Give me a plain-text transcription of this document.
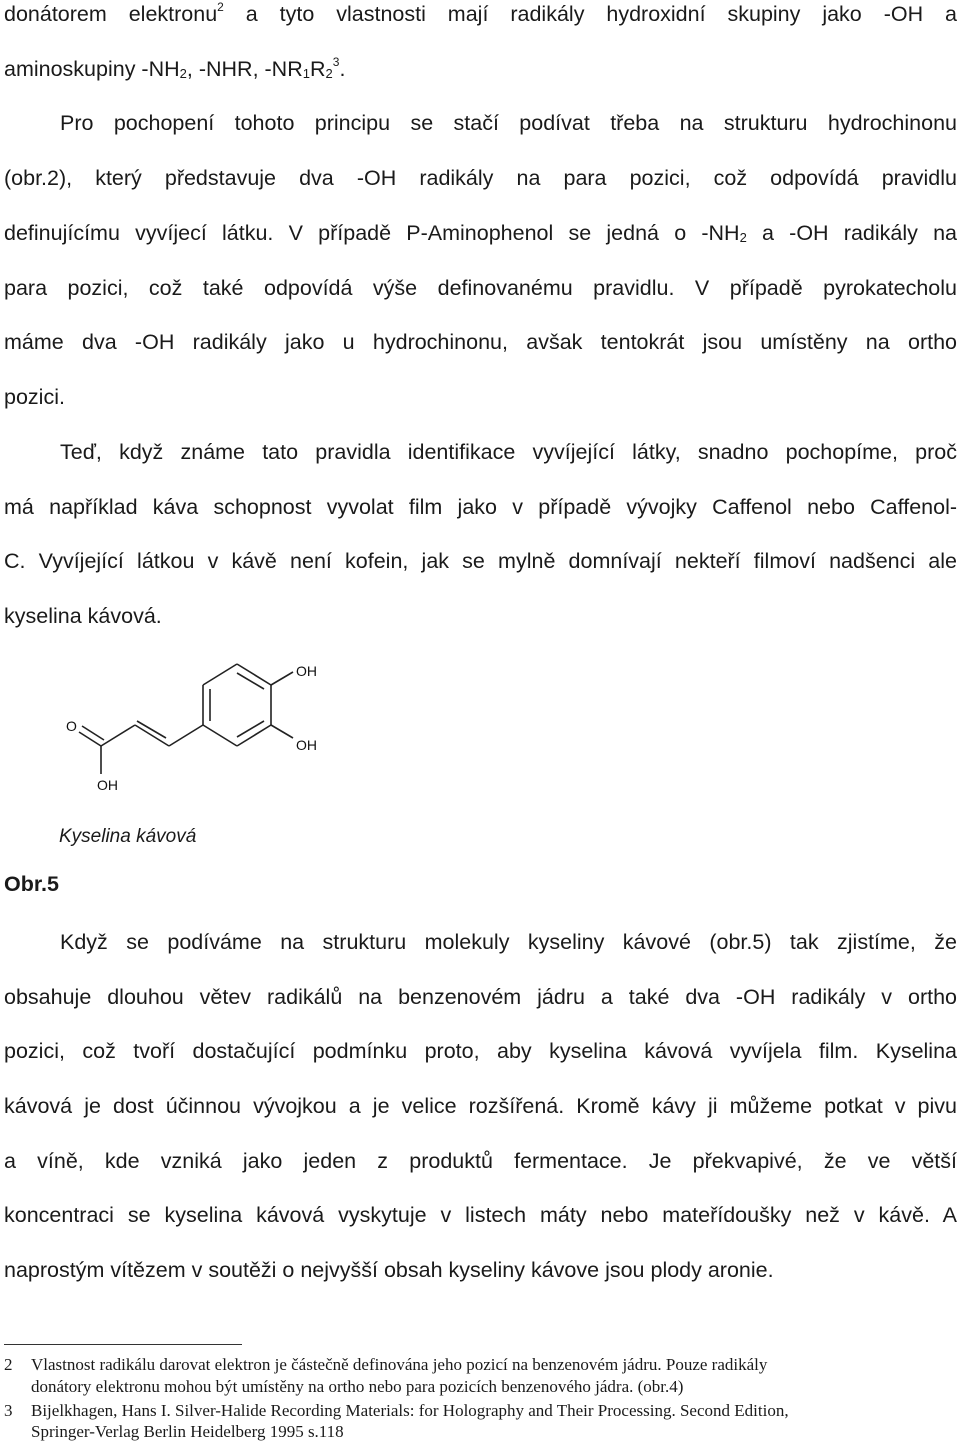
donátorem elektronu$^2$ a tyto vlastnosti mají radikály hydroxidní skupiny jako -OH a
aminoskupiny $-NH_2$, -NHR, $-NR_1R_2^3$.
Pro pochopení tohoto principu se stačí podívat třeba na strukturu hydrochinonu
(obr.2), který představuje dva -OH radikály na para pozici, což odpovídá pravidlu
definujícímu vyvíjecí látku. V případě P-Aminophenol se jedná o $-NH_2$ a -OH radikály na
para pozici, což také odpovídá výše definovanému pravidlu. V případě pyrokatecholu
máme dva -OH radikály jako u hydrochinonu, avšak tentokrát jsou umístěny na ortho
pozici.
Teď, když známe tato pravidla identifikace vyvíjející látky, snadno pochopíme, proč
má například káva schopnost vyvolat film jako v případě vývojky Caffenol nebo Caffenol-
C. Vyvíjející látkou v kávě není kofein, jak se mylně domnívají nekteří filmoví nadšenci ale
kyselina kávová.
OH
OH
O
OH
Kyselina kávová
Obr.5
Když se podíváme na strukturu molekuly kyseliny kávové (obr.5) tak zjistíme, že
obsahuje dlouhou větev radikálů na benzenovém jádru a také dva -OH radikály v ortho
pozici, což tvoří dostačující podmínku proto, aby kyselina kávová vyvíjela film. Kyselina
kávová je dost účinnou vývojkou a je velice rozšířená. Kromě kávy ji můžeme potkat v pivu
a víně, kde vzniká jako jeden z produktů fermentace. Je překvapivé, že ve větší
koncentraci se kyselina kávová vyskytuje v listech máty nebo mateřídoušky než v kávě. A
naprostým vítězem v soutěži o nejvyšší obsah kyseliny kávove jsou plody aronie.
2 Vlastnost radikálu darovat elektron je částečně definována jeho pozicí na benzenovém jádru. Pouze radikály
donátory elektronu mohou být umístěny na ortho nebo para pozicích benzenového jádra. (obr.4)
3 Bijelkhagen, Hans I. Silver-Halide Recording Materials: for Holography and Their Processing. Second Edition,
Springer-Verlag Berlin Heidelberg 1995 s.118
